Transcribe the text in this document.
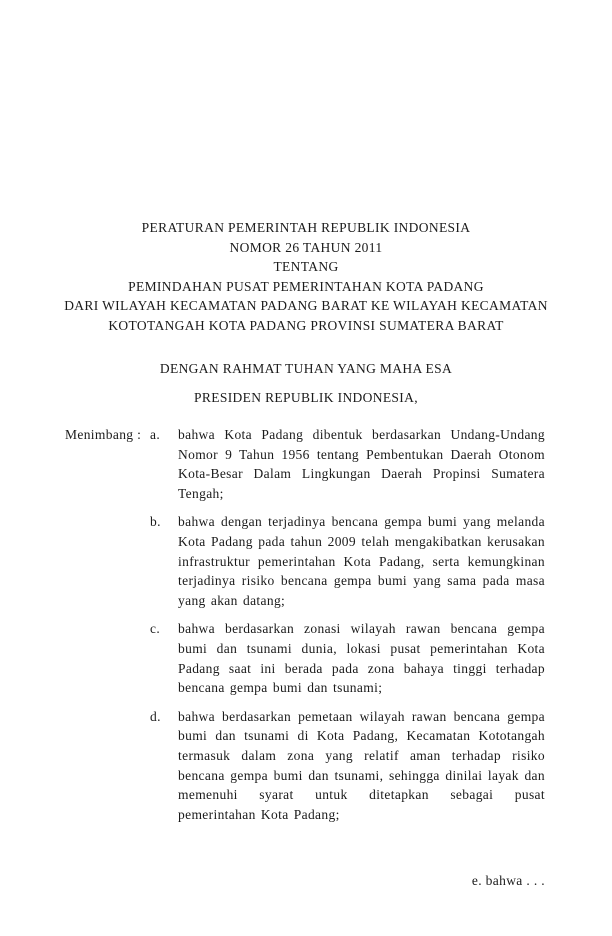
PERATURAN PEMERINTAH REPUBLIK INDONESIA
NOMOR 26 TAHUN 2011
TENTANG
PEMINDAHAN PUSAT PEMERINTAHAN KOTA PADANG
DARI WILAYAH KECAMATAN PADANG BARAT KE WILAYAH KECAMATAN
KOTOTANGAH KOTA PADANG PROVINSI SUMATERA BARAT
DENGAN RAHMAT TUHAN YANG MAHA ESA
PRESIDEN REPUBLIK INDONESIA,
Menimbang : a.	bahwa Kota Padang dibentuk berdasarkan Undang-Undang Nomor 9 Tahun 1956 tentang Pembentukan Daerah Otonom Kota-Besar Dalam Lingkungan Daerah Propinsi Sumatera Tengah;
b.	bahwa dengan terjadinya bencana gempa bumi yang melanda Kota Padang pada tahun 2009 telah mengakibatkan kerusakan infrastruktur pemerintahan Kota Padang, serta kemungkinan terjadinya risiko bencana gempa bumi yang sama pada masa yang akan datang;
c.	bahwa berdasarkan zonasi wilayah rawan bencana gempa bumi dan tsunami dunia, lokasi pusat pemerintahan Kota Padang saat ini berada pada zona bahaya tinggi terhadap bencana gempa bumi dan tsunami;
d.	bahwa berdasarkan pemetaan wilayah rawan bencana gempa bumi dan tsunami di Kota Padang, Kecamatan Kototangah termasuk dalam zona yang relatif aman terhadap risiko bencana gempa bumi dan tsunami, sehingga dinilai layak dan memenuhi syarat untuk ditetapkan sebagai pusat pemerintahan Kota Padang;
e. bahwa . . .
